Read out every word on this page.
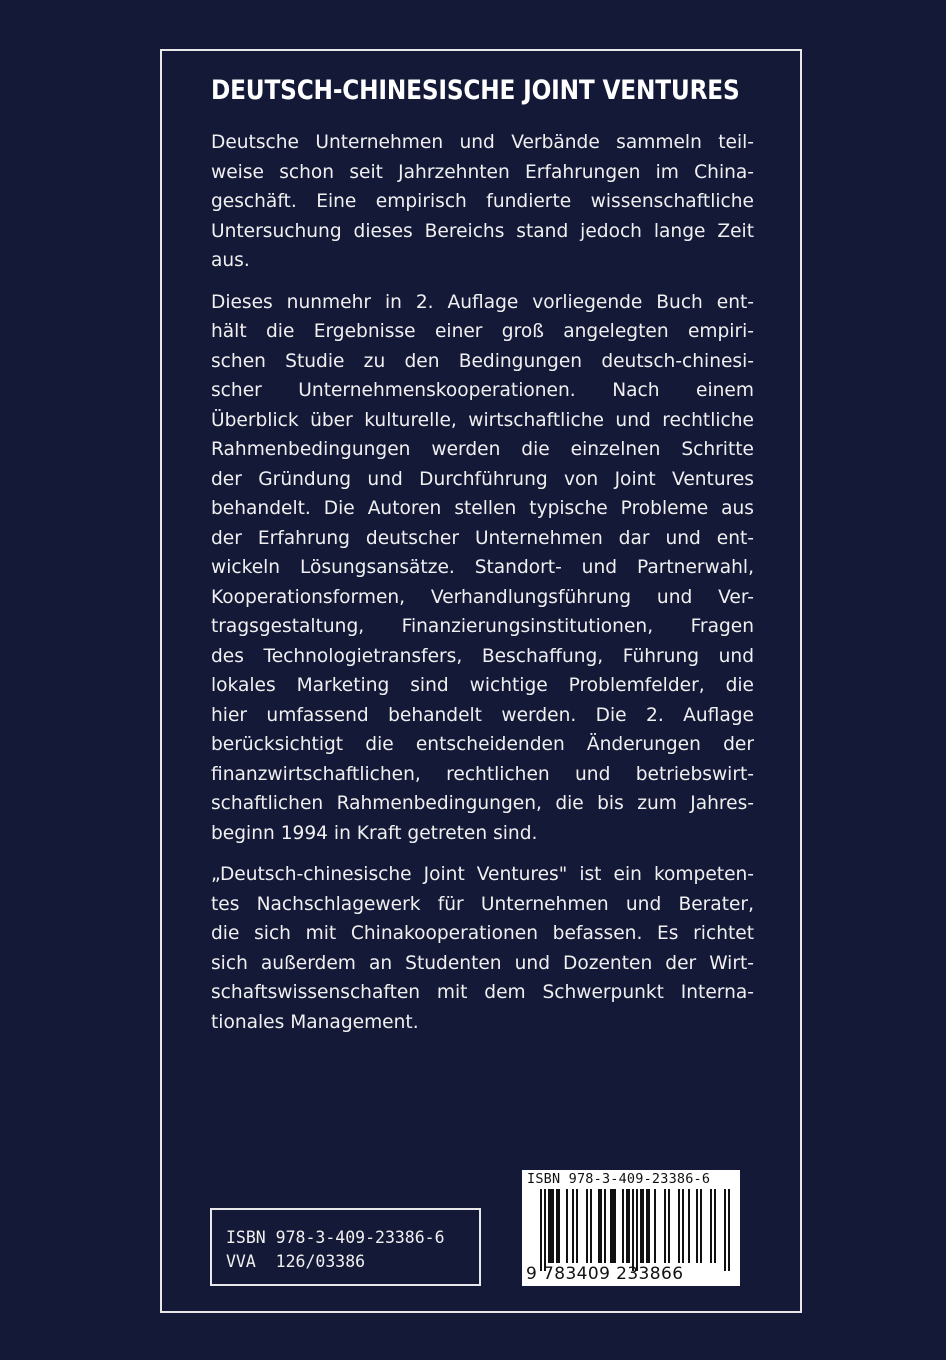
DEUTSCH-CHINESISCHE JOINT VENTURES

Deutsche Unternehmen und Verbände sammeln teil-
weise schon seit Jahrzehnten Erfahrungen im China-
geschäft. Eine empirisch fundierte wissenschaftliche
Untersuchung dieses Bereichs stand jedoch lange Zeit
aus.

Dieses nunmehr in 2. Auflage vorliegende Buch ent-
hält die Ergebnisse einer groß angelegten empiri-
schen Studie zu den Bedingungen deutsch-chinesi-
scher Unternehmenskooperationen. Nach einem
Überblick über kulturelle, wirtschaftliche und rechtliche
Rahmenbedingungen werden die einzelnen Schritte
der Gründung und Durchführung von Joint Ventures
behandelt. Die Autoren stellen typische Probleme aus
der Erfahrung deutscher Unternehmen dar und ent-
wickeln Lösungsansätze. Standort- und Partnerwahl,
Kooperationsformen, Verhandlungsführung und Ver-
tragsgestaltung, Finanzierungsinstitutionen, Fragen
des Technologietransfers, Beschaffung, Führung und
lokales Marketing sind wichtige Problemfelder, die
hier umfassend behandelt werden. Die 2. Auflage
berücksichtigt die entscheidenden Änderungen der
finanzwirtschaftlichen, rechtlichen und betriebswirt-
schaftlichen Rahmenbedingungen, die bis zum Jahres-
beginn 1994 in Kraft getreten sind.

„Deutsch-chinesische Joint Ventures" ist ein kompeten-
tes Nachschlagewerk für Unternehmen und Berater,
die sich mit Chinakooperationen befassen. Es richtet
sich außerdem an Studenten und Dozenten der Wirt-
schaftswissenschaften mit dem Schwerpunkt Interna-
tionales Management.

ISBN 978-3-409-23386-6
VVA  126/03386
ISBN 978-3-409-23386-6
9 783409 233866
